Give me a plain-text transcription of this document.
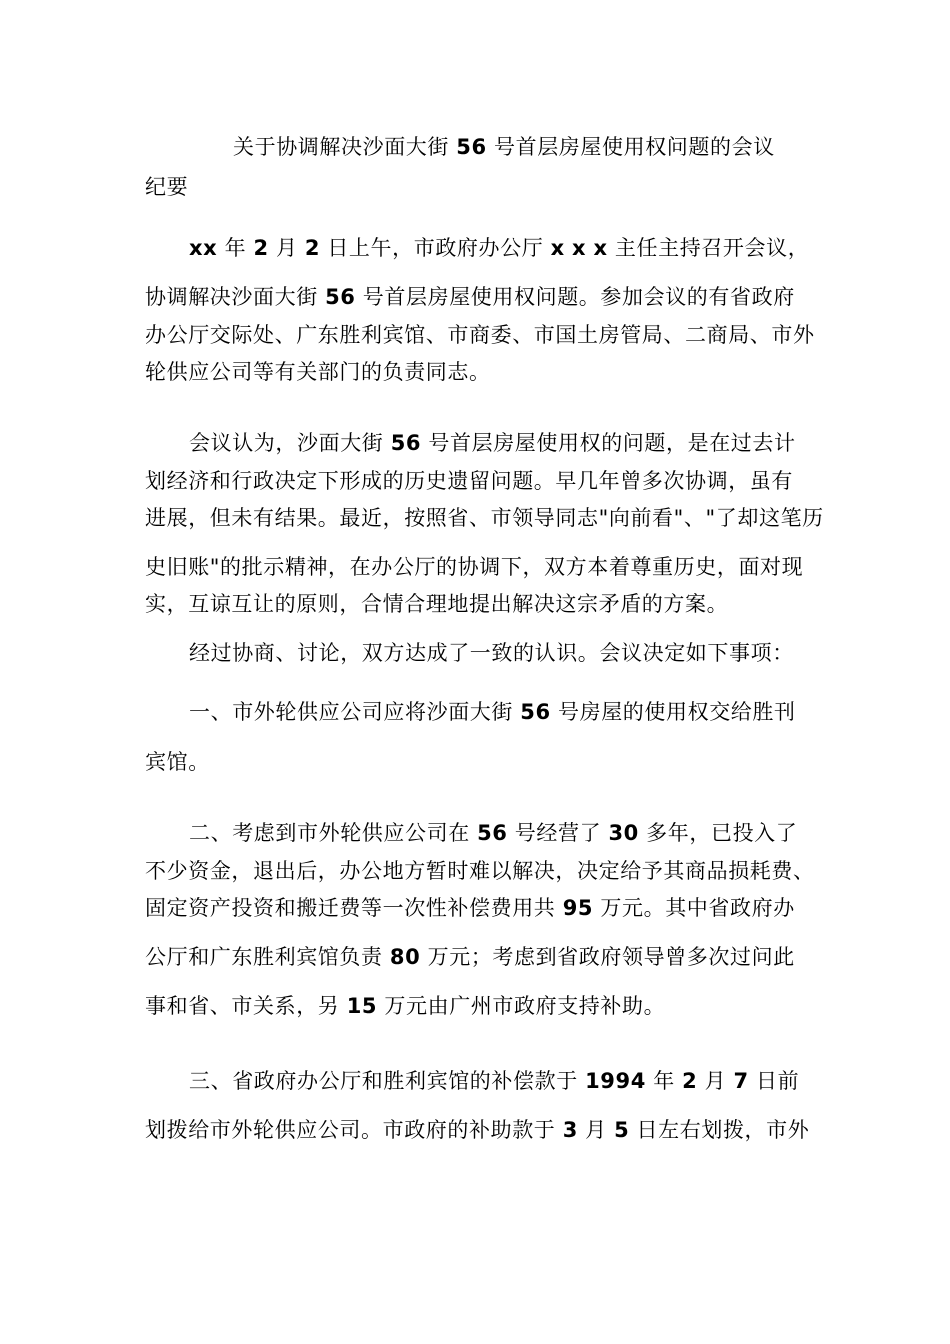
关于协调解决沙面大街 56 号首层房屋使用权问题的会议
纪要
xx 年 2 月 2 日上午，市政府办公厅 x x x 主任主持召开会议，
协调解决沙面大街 56 号首层房屋使用权问题。参加会议的有省政府
办公厅交际处、广东胜利宾馆、市商委、市国土房管局、二商局、市外
轮供应公司等有关部门的负责同志。
会议认为，沙面大街 56 号首层房屋使用权的问题，是在过去计
划经济和行政决定下形成的历史遗留问题。早几年曾多次协调，虽有
进展，但未有结果。最近，按照省、市领导同志"向前看"、"了却这笔历
史旧账"的批示精神，在办公厅的协调下，双方本着尊重历史，面对现
实，互谅互让的原则，合情合理地提出解决这宗矛盾的方案。
经过协商、讨论，双方达成了一致的认识。会议决定如下事项：
一、市外轮供应公司应将沙面大街 56 号房屋的使用权交给胜刊
宾馆。
二、考虑到市外轮供应公司在 56 号经营了 30 多年，已投入了
不少资金，退出后，办公地方暂时难以解决，决定给予其商品损耗费、
固定资产投资和搬迁费等一次性补偿费用共 95 万元。其中省政府办
公厅和广东胜利宾馆负责 80 万元；考虑到省政府领导曾多次过问此
事和省、市关系，另 15 万元由广州市政府支持补助。
三、省政府办公厅和胜利宾馆的补偿款于 1994 年 2 月 7 日前
划拨给市外轮供应公司。市政府的补助款于 3 月 5 日左右划拨，市外
